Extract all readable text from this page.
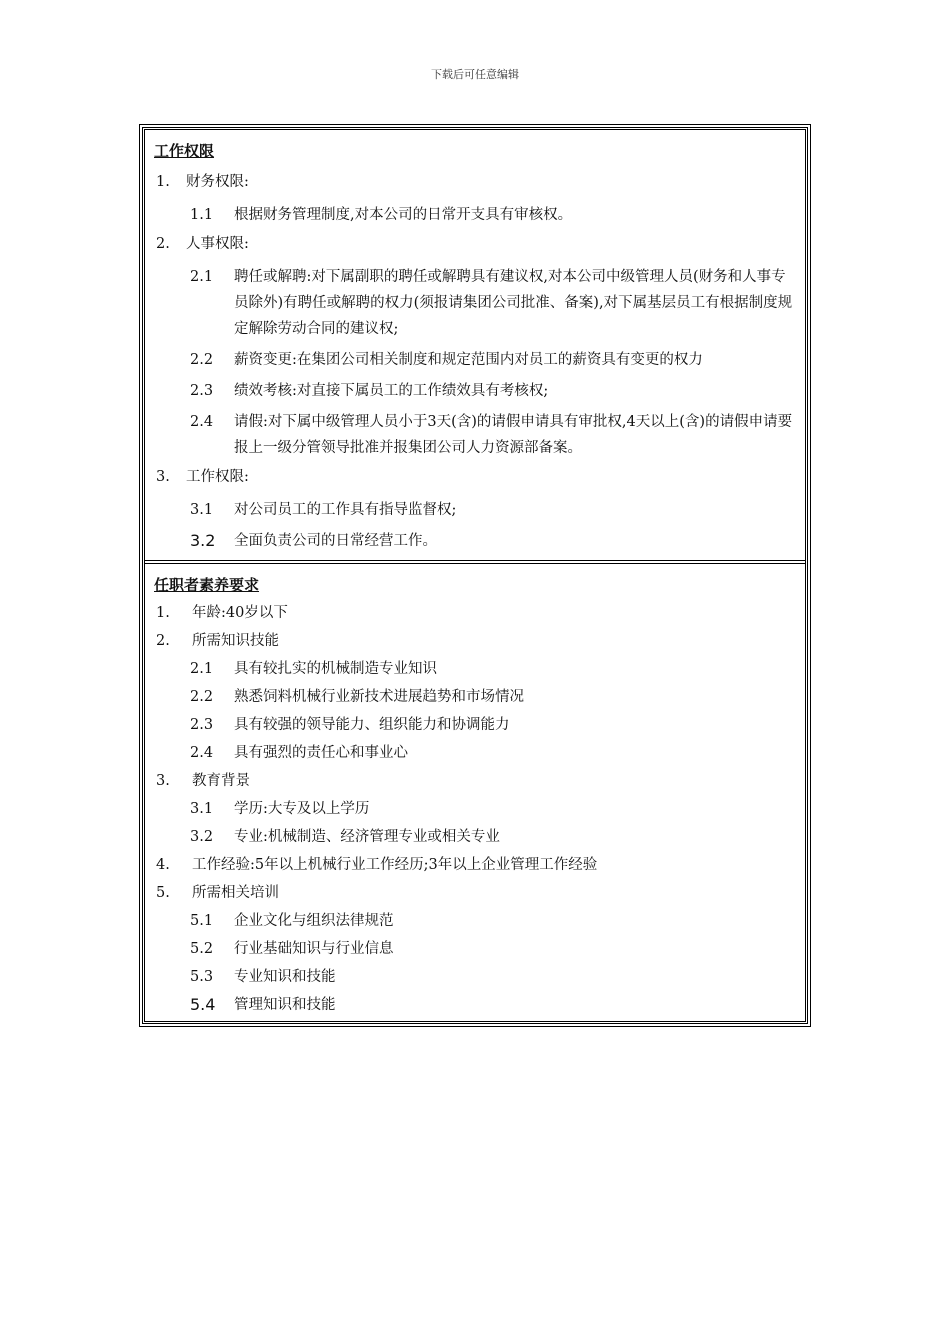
下载后可任意编辑
工作权限
1.	财务权限:
1.1	根据财务管理制度,对本公司的日常开支具有审核权。
2.	人事权限:
2.1	聘任或解聘:对下属副职的聘任或解聘具有建议权,对本公司中级管理人员(财务和人事专员除外)有聘任或解聘的权力(须报请集团公司批准、备案),对下属基层员工有根据制度规定解除劳动合同的建议权;
2.2	薪资变更:在集团公司相关制度和规定范围内对员工的薪资具有变更的权力
2.3	绩效考核:对直接下属员工的工作绩效具有考核权;
2.4	请假:对下属中级管理人员小于3天(含)的请假申请具有审批权,4天以上(含)的请假申请要报上一级分管领导批准并报集团公司人力资源部备案。
3.	工作权限:
3.1	对公司员工的工作具有指导监督权;
3.2	全面负责公司的日常经营工作。
任职者素养要求
1.	年龄:40岁以下
2.	所需知识技能
2.1	具有较扎实的机械制造专业知识
2.2	熟悉饲料机械行业新技术进展趋势和市场情况
2.3	具有较强的领导能力、组织能力和协调能力
2.4	具有强烈的责任心和事业心
3.	教育背景
3.1	学历:大专及以上学历
3.2	专业:机械制造、经济管理专业或相关专业
4.	工作经验:5年以上机械行业工作经历;3年以上企业管理工作经验
5.	所需相关培训
5.1	企业文化与组织法律规范
5.2	行业基础知识与行业信息
5.3	专业知识和技能
5.4	管理知识和技能
